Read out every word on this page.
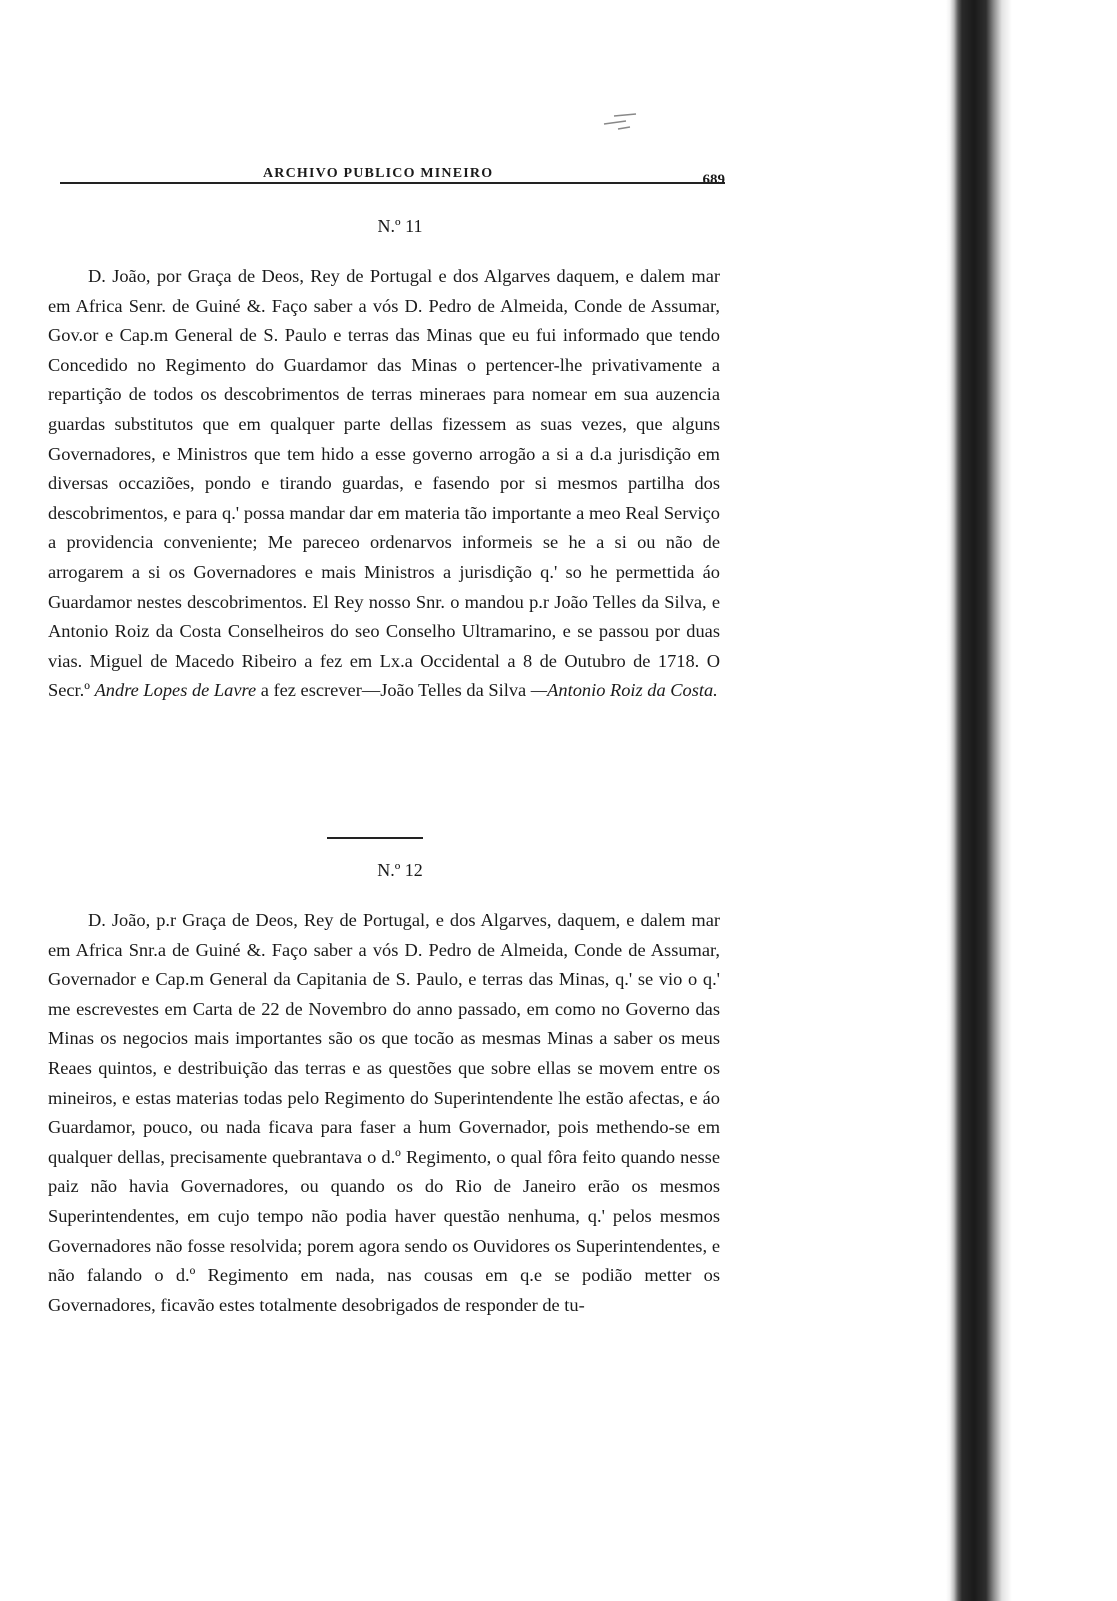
ARCHIVO PUBLICO MINEIRO	689
N.º 11

D. João, por Graça de Deos, Rey de Portugal e dos Algarves daquem, e dalem mar em Africa Senr. de Guiné &. Faço saber a vós D. Pedro de Almeida, Conde de Assumar, Gov.or e Cap.m General de S. Paulo e terras das Minas que eu fui informado que tendo Concedido no Regimento do Guardamor das Minas o pertencer-lhe privativamente a repartição de todos os descobrimentos de terras mineraes para nomear em sua auzencia guardas substitutos que em qualquer parte dellas fizessem as suas vezes, que alguns Governadores, e Ministros que tem hido a esse governo arrogão a si a d.a jurisdição em diversas occaziões, pondo e tirando guardas, e fasendo por si mesmos partilha dos descobrimentos, e para q.' possa mandar dar em materia tão importante a meo Real Serviço a providencia conveniente; Me pareceo ordenarvos informeis se he a si ou não de arrogarem a si os Governadores e mais Ministros a jurisdição q.' so he permettida áo Guardamor nestes descobrimentos. El Rey nosso Snr. o mandou p.r João Telles da Silva, e Antonio Roiz da Costa Conselheiros do seo Conselho Ultramarino, e se passou por duas vias. Miguel de Macedo Ribeiro a fez em Lx.a Occidental a 8 de Outubro de 1718. O Secr.º Andre Lopes de Lavre a fez escrever—João Telles da Silva —Antonio Roiz da Costa.

N.º 12

D. João, p.r Graça de Deos, Rey de Portugal, e dos Algarves, daquem, e dalem mar em Africa Snr.a de Guiné &. Faço saber a vós D. Pedro de Almeida, Conde de Assumar, Governador e Cap.m General da Capitania de S. Paulo, e terras das Minas, q.' se vio o q.' me escrevestes em Carta de 22 de Novembro do anno passado, em como no Governo das Minas os negocios mais importantes são os que tocão as mesmas Minas a saber os meus Reaes quintos, e destribuição das terras e as questões que sobre ellas se movem entre os mineiros, e estas materias todas pelo Regimento do Superintendente lhe estão afectas, e áo Guardamor, pouco, ou nada ficava para faser a hum Governador, pois methendo-se em qualquer dellas, precisamente quebrantava o d.º Regimento, o qual fôra feito quando nesse paiz não havia Governadores, ou quando os do Rio de Janeiro erão os mesmos Superintendentes, em cujo tempo não podia haver questão nenhuma, q.' pelos mesmos Governadores não fosse resolvida; porem agora sendo os Ouvidores os Superintendentes, e não falando o d.º Regimento em nada, nas cousas em q.e se podião metter os Governadores, ficavão estes totalmente desobrigados de responder de tu-
